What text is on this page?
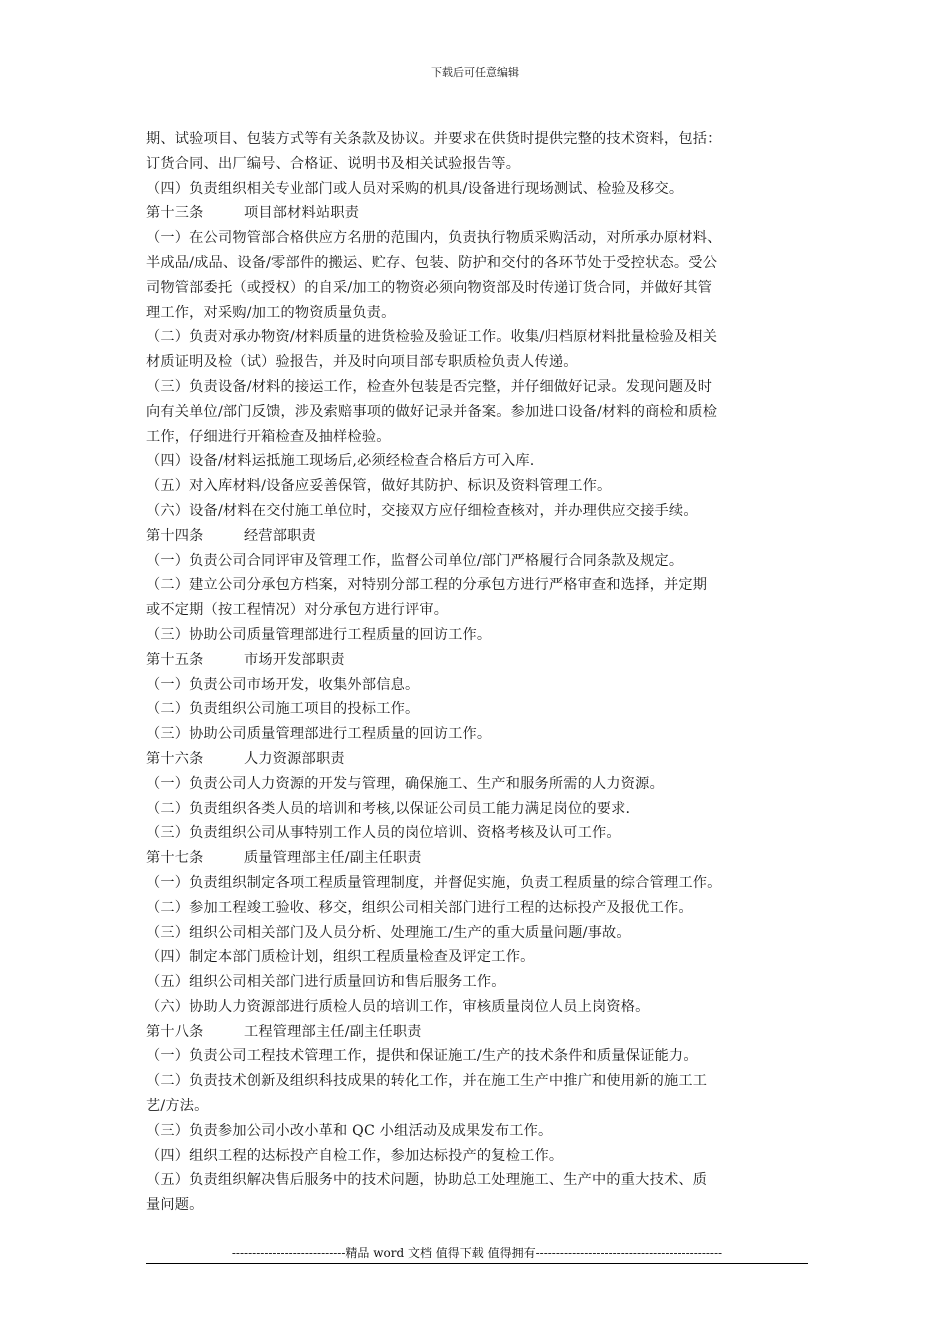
下载后可任意编辑
期、试验项目、包装方式等有关条款及协议。并要求在供货时提供完整的技术资料，包括：
订货合同、出厂编号、合格证、说明书及相关试验报告等。
（四）负责组织相关专业部门或人员对采购的机具/设备进行现场测试、检验及移交。
第十三条	项目部材料站职责
（一）在公司物管部合格供应方名册的范围内，负责执行物质采购活动，对所承办原材料、
半成品/成品、设备/零部件的搬运、贮存、包装、防护和交付的各环节处于受控状态。受公
司物管部委托（或授权）的自采/加工的物资必须向物资部及时传递订货合同，并做好其管
理工作，对采购/加工的物资质量负责。
（二）负责对承办物资/材料质量的进货检验及验证工作。收集/归档原材料批量检验及相关
材质证明及检（试）验报告，并及时向项目部专职质检负责人传递。
（三）负责设备/材料的接运工作，检查外包装是否完整，并仔细做好记录。发现问题及时
向有关单位/部门反馈，涉及索赔事项的做好记录并备案。参加进口设备/材料的商检和质检
工作，仔细进行开箱检查及抽样检验。
（四）设备/材料运抵施工现场后,必须经检查合格后方可入库.
（五）对入库材料/设备应妥善保管，做好其防护、标识及资料管理工作。
（六）设备/材料在交付施工单位时，交接双方应仔细检查核对，并办理供应交接手续。
第十四条	经营部职责
（一）负责公司合同评审及管理工作，监督公司单位/部门严格履行合同条款及规定。
（二）建立公司分承包方档案，对特别分部工程的分承包方进行严格审查和选择，并定期
或不定期（按工程情况）对分承包方进行评审。
（三）协助公司质量管理部进行工程质量的回访工作。
第十五条	市场开发部职责
（一）负责公司市场开发，收集外部信息。
（二）负责组织公司施工项目的投标工作。
（三）协助公司质量管理部进行工程质量的回访工作。
第十六条	人力资源部职责
（一）负责公司人力资源的开发与管理，确保施工、生产和服务所需的人力资源。
（二）负责组织各类人员的培训和考核,以保证公司员工能力满足岗位的要求.
（三）负责组织公司从事特别工作人员的岗位培训、资格考核及认可工作。
第十七条	质量管理部主任/副主任职责
（一）负责组织制定各项工程质量管理制度，并督促实施，负责工程质量的综合管理工作。
（二）参加工程竣工验收、移交，组织公司相关部门进行工程的达标投产及报优工作。
（三）组织公司相关部门及人员分析、处理施工/生产的重大质量问题/事故。
（四）制定本部门质检计划，组织工程质量检查及评定工作。
（五）组织公司相关部门进行质量回访和售后服务工作。
（六）协助人力资源部进行质检人员的培训工作，审核质量岗位人员上岗资格。
第十八条	工程管理部主任/副主任职责
（一）负责公司工程技术管理工作，提供和保证施工/生产的技术条件和质量保证能力。
（二）负责技术创新及组织科技成果的转化工作，并在施工生产中推广和使用新的施工工
艺/方法。
（三）负责参加公司小改小革和 QC 小组活动及成果发布工作。
（四）组织工程的达标投产自检工作，参加达标投产的复检工作。
（五）负责组织解决售后服务中的技术问题，协助总工处理施工、生产中的重大技术、质
量问题。
----------------------------精品 word 文档 值得下载 值得拥有----------------------------------------------
